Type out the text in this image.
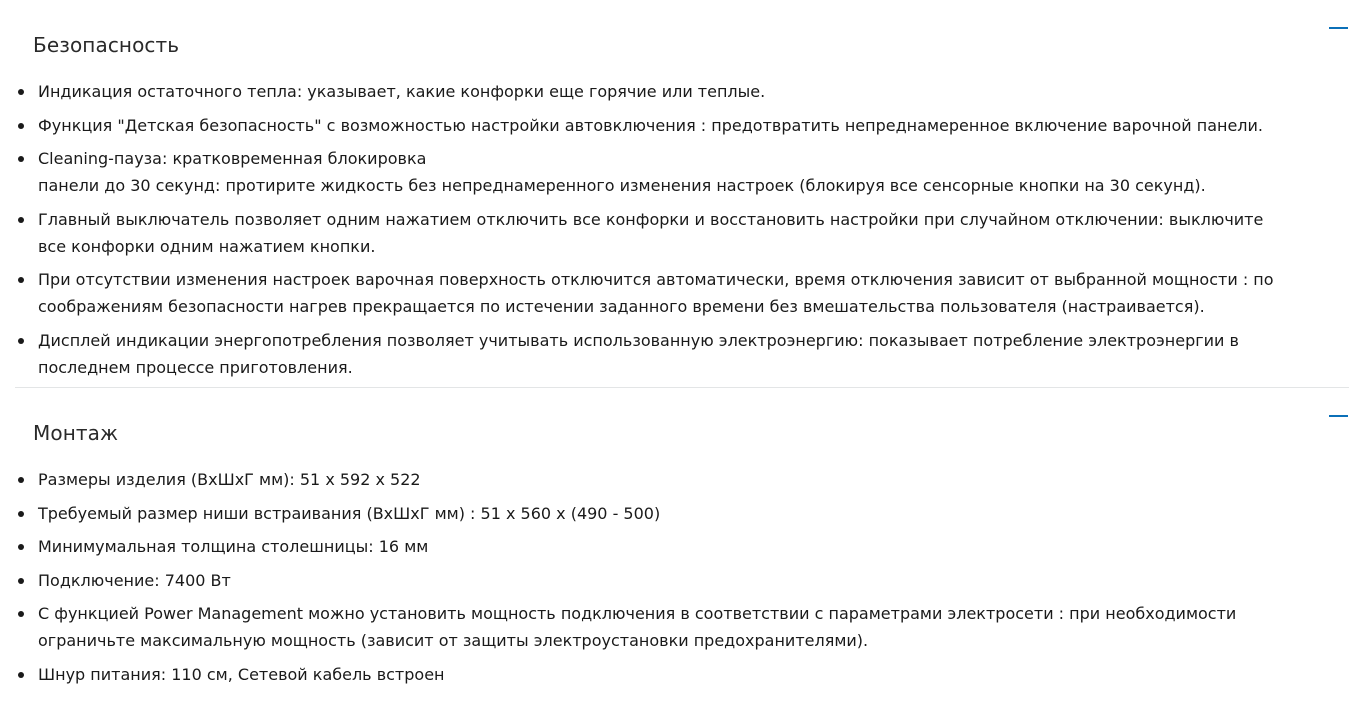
Безопасность
Индикация остаточного тепла: указывает, какие конфорки еще горячие или теплые.
Функция "Детская безопасность" с возможностью настройки автовключения : предотвратить непреднамеренное включение варочной панели.
Cleaning-пауза: кратковременная блокировка
панели до 30 секунд: протирите жидкость без непреднамеренного изменения настроек (блокируя все сенсорные кнопки на 30 секунд).
Главный выключатель позволяет одним нажатием отключить все конфорки и восстановить настройки при случайном отключении: выключите
все конфорки одним нажатием кнопки.
При отсутствии изменения настроек варочная поверхность отключится автоматически, время отключения зависит от выбранной мощности : по
соображениям безопасности нагрев прекращается по истечении заданного времени без вмешательства пользователя (настраивается).
Дисплей индикации энергопотребления позволяет учитывать использованную электроэнергию: показывает потребление электроэнергии в
последнем процессе приготовления.
Монтаж
Размеры изделия (ВхШхГ мм): 51 x 592 x 522
Требуемый размер ниши встраивания (ВхШхГ мм) : 51 x 560 x (490 - 500)
Минимумальная толщина столешницы: 16 мм
Подключение: 7400 Вт
С функцией Power Management можно установить мощность подключения в соответствии с параметрами электросети : при необходимости
ограничьте максимальную мощность (зависит от защиты электроустановки предохранителями).
Шнур питания: 110 см, Сетевой кабель встроен
